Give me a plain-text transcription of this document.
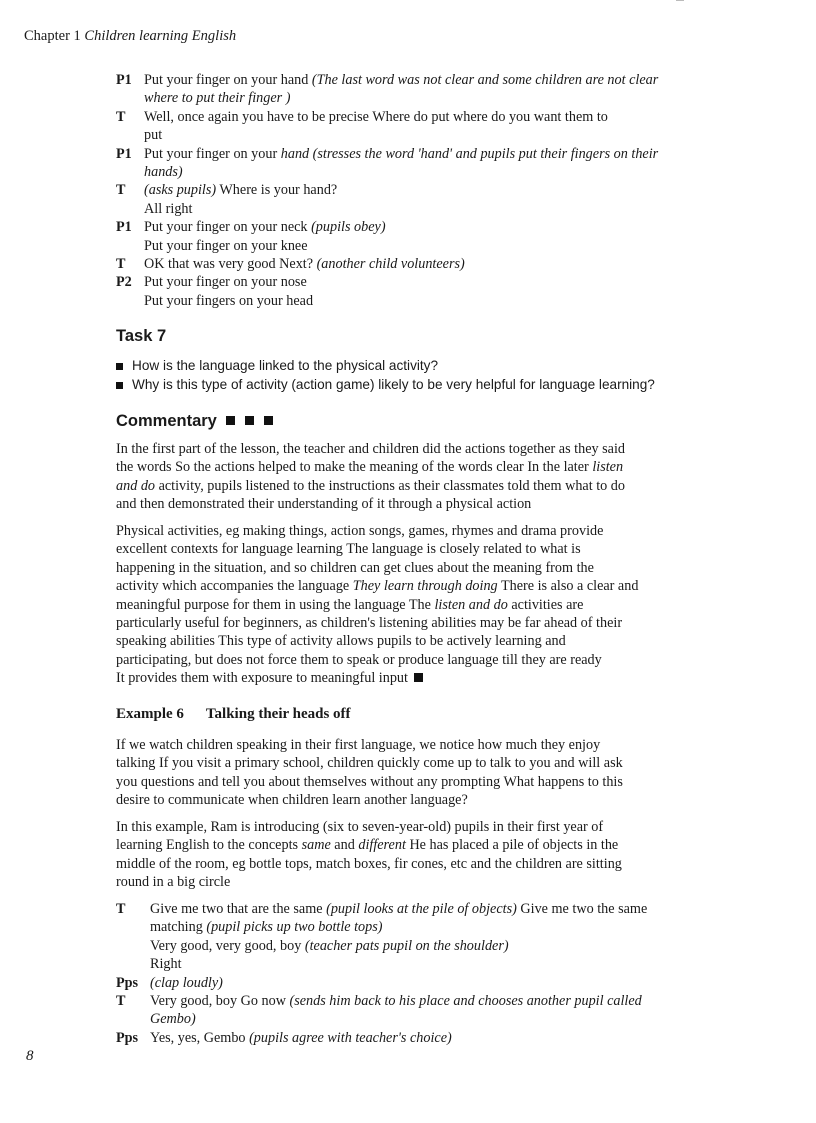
Chapter 1 Children learning English
P1 Put your finger on your hand (The last word was not clear and some children are not clear
where to put their finger )
T Well, once again you have to be precise Where do put where do you want them to
put
P1 Put your finger on your hand (stresses the word 'hand' and pupils put their fingers on their
hands)
T (asks pupils) Where is your hand?
All right
P1 Put your finger on your neck (pupils obey)
Put your finger on your knee
T OK that was very good Next? (another child volunteers)
P2 Put your finger on your nose
Put your fingers on your head
Task 7
How is the language linked to the physical activity?
Why is this type of activity (action game) likely to be very helpful for language learning?
Commentary
In the first part of the lesson, the teacher and children did the actions together as they said
the words So the actions helped to make the meaning of the words clear In the later listen
and do activity, pupils listened to the instructions as their classmates told them what to do
and then demonstrated their understanding of it through a physical action
Physical activities, eg making things, action songs, games, rhymes and drama provide
excellent contexts for language learning The language is closely related to what is
happening in the situation, and so children can get clues about the meaning from the
activity which accompanies the language They learn through doing There is also a clear and
meaningful purpose for them in using the language The listen and do activities are
particularly useful for beginners, as children's listening abilities may be far ahead of their
speaking abilities This type of activity allows pupils to be actively learning and
participating, but does not force them to speak or produce language till they are ready
It provides them with exposure to meaningful input
Example 6 Talking their heads off
If we watch children speaking in their first language, we notice how much they enjoy
talking If you visit a primary school, children quickly come up to talk to you and will ask
you questions and tell you about themselves without any prompting What happens to this
desire to communicate when children learn another language?
In this example, Ram is introducing (six to seven-year-old) pupils in their first year of
learning English to the concepts same and different He has placed a pile of objects in the
middle of the room, eg bottle tops, match boxes, fir cones, etc and the children are sitting
round in a big circle
T Give me two that are the same (pupil looks at the pile of objects) Give me two the same
matching (pupil picks up two bottle tops)
Very good, very good, boy (teacher pats pupil on the shoulder)
Right
Pps (clap loudly)
T Very good, boy Go now (sends him back to his place and chooses another pupil called
Gembo)
Pps Yes, yes, Gembo (pupils agree with teacher's choice)
8
